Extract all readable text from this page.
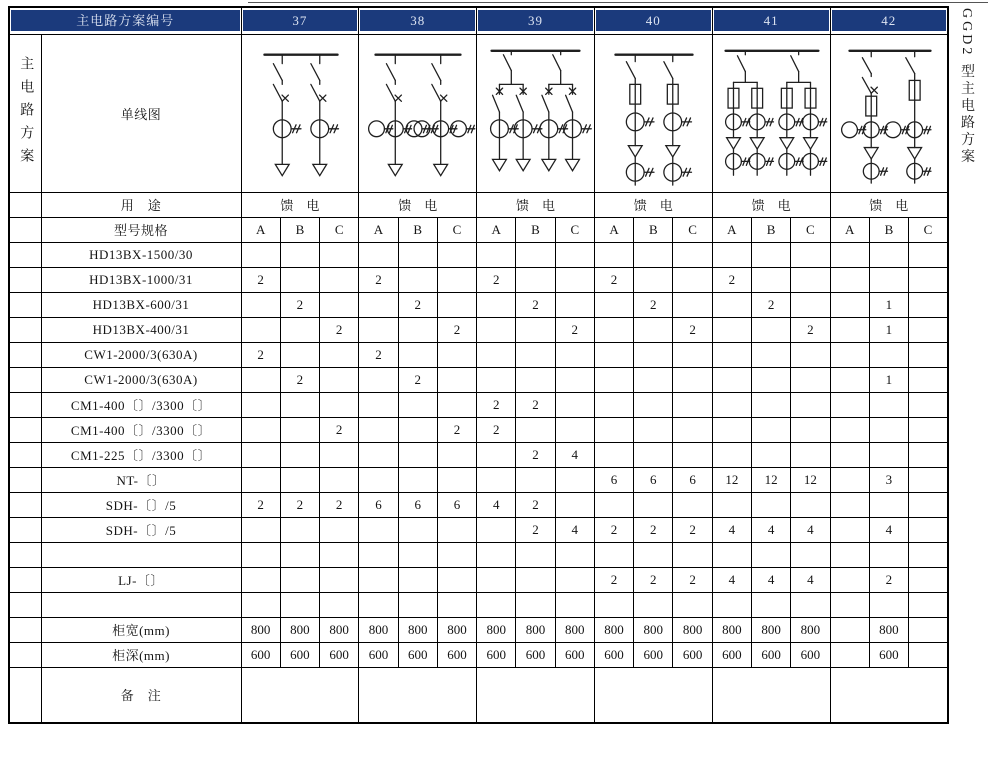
GGD2 型主电路方案
主电路方案编号		37			38			39			40			41			42		

主电路方案	单线图	

	用　途	馈　电			馈　电			馈　电			馈　电			馈　电			馈　电		
	型号规格	A	B	C	A	B	C	A	B	C	A	B	C	A	B	C	A	B	C
	HD13BX-1500/30																		
	HD13BX-1000/31	2			2			2			2			2					
	HD13BX-600/31		2			2			2			2			2			1	
	HD13BX-400/31			2			2			2			2			2		1	
	CW1-2000/3(630A)	2			2														
	CW1-2000/3(630A)		2			2												1	
	CM1-400〔〕/3300〔〕							2	2										
	CM1-400〔〕/3300〔〕			2			2	2											
	CM1-225〔〕/3300〔〕								2	4									
	NT-〔〕										6	6	6	12	12	12		3	
	SDH-〔〕/5	2	2	2	6	6	6	4	2										
	SDH-〔〕/5								2	4	2	2	2	4	4	4		4	

	LJ-〔〕										2	2	2	4	4	4		2	

	柜宽(mm)	800	800	800	800	800	800	800	800	800	800	800	800	800	800	800		800	
	柜深(mm)	600	600	600	600	600	600	600	600	600	600	600	600	600	600	600		600	
	备　注																		
